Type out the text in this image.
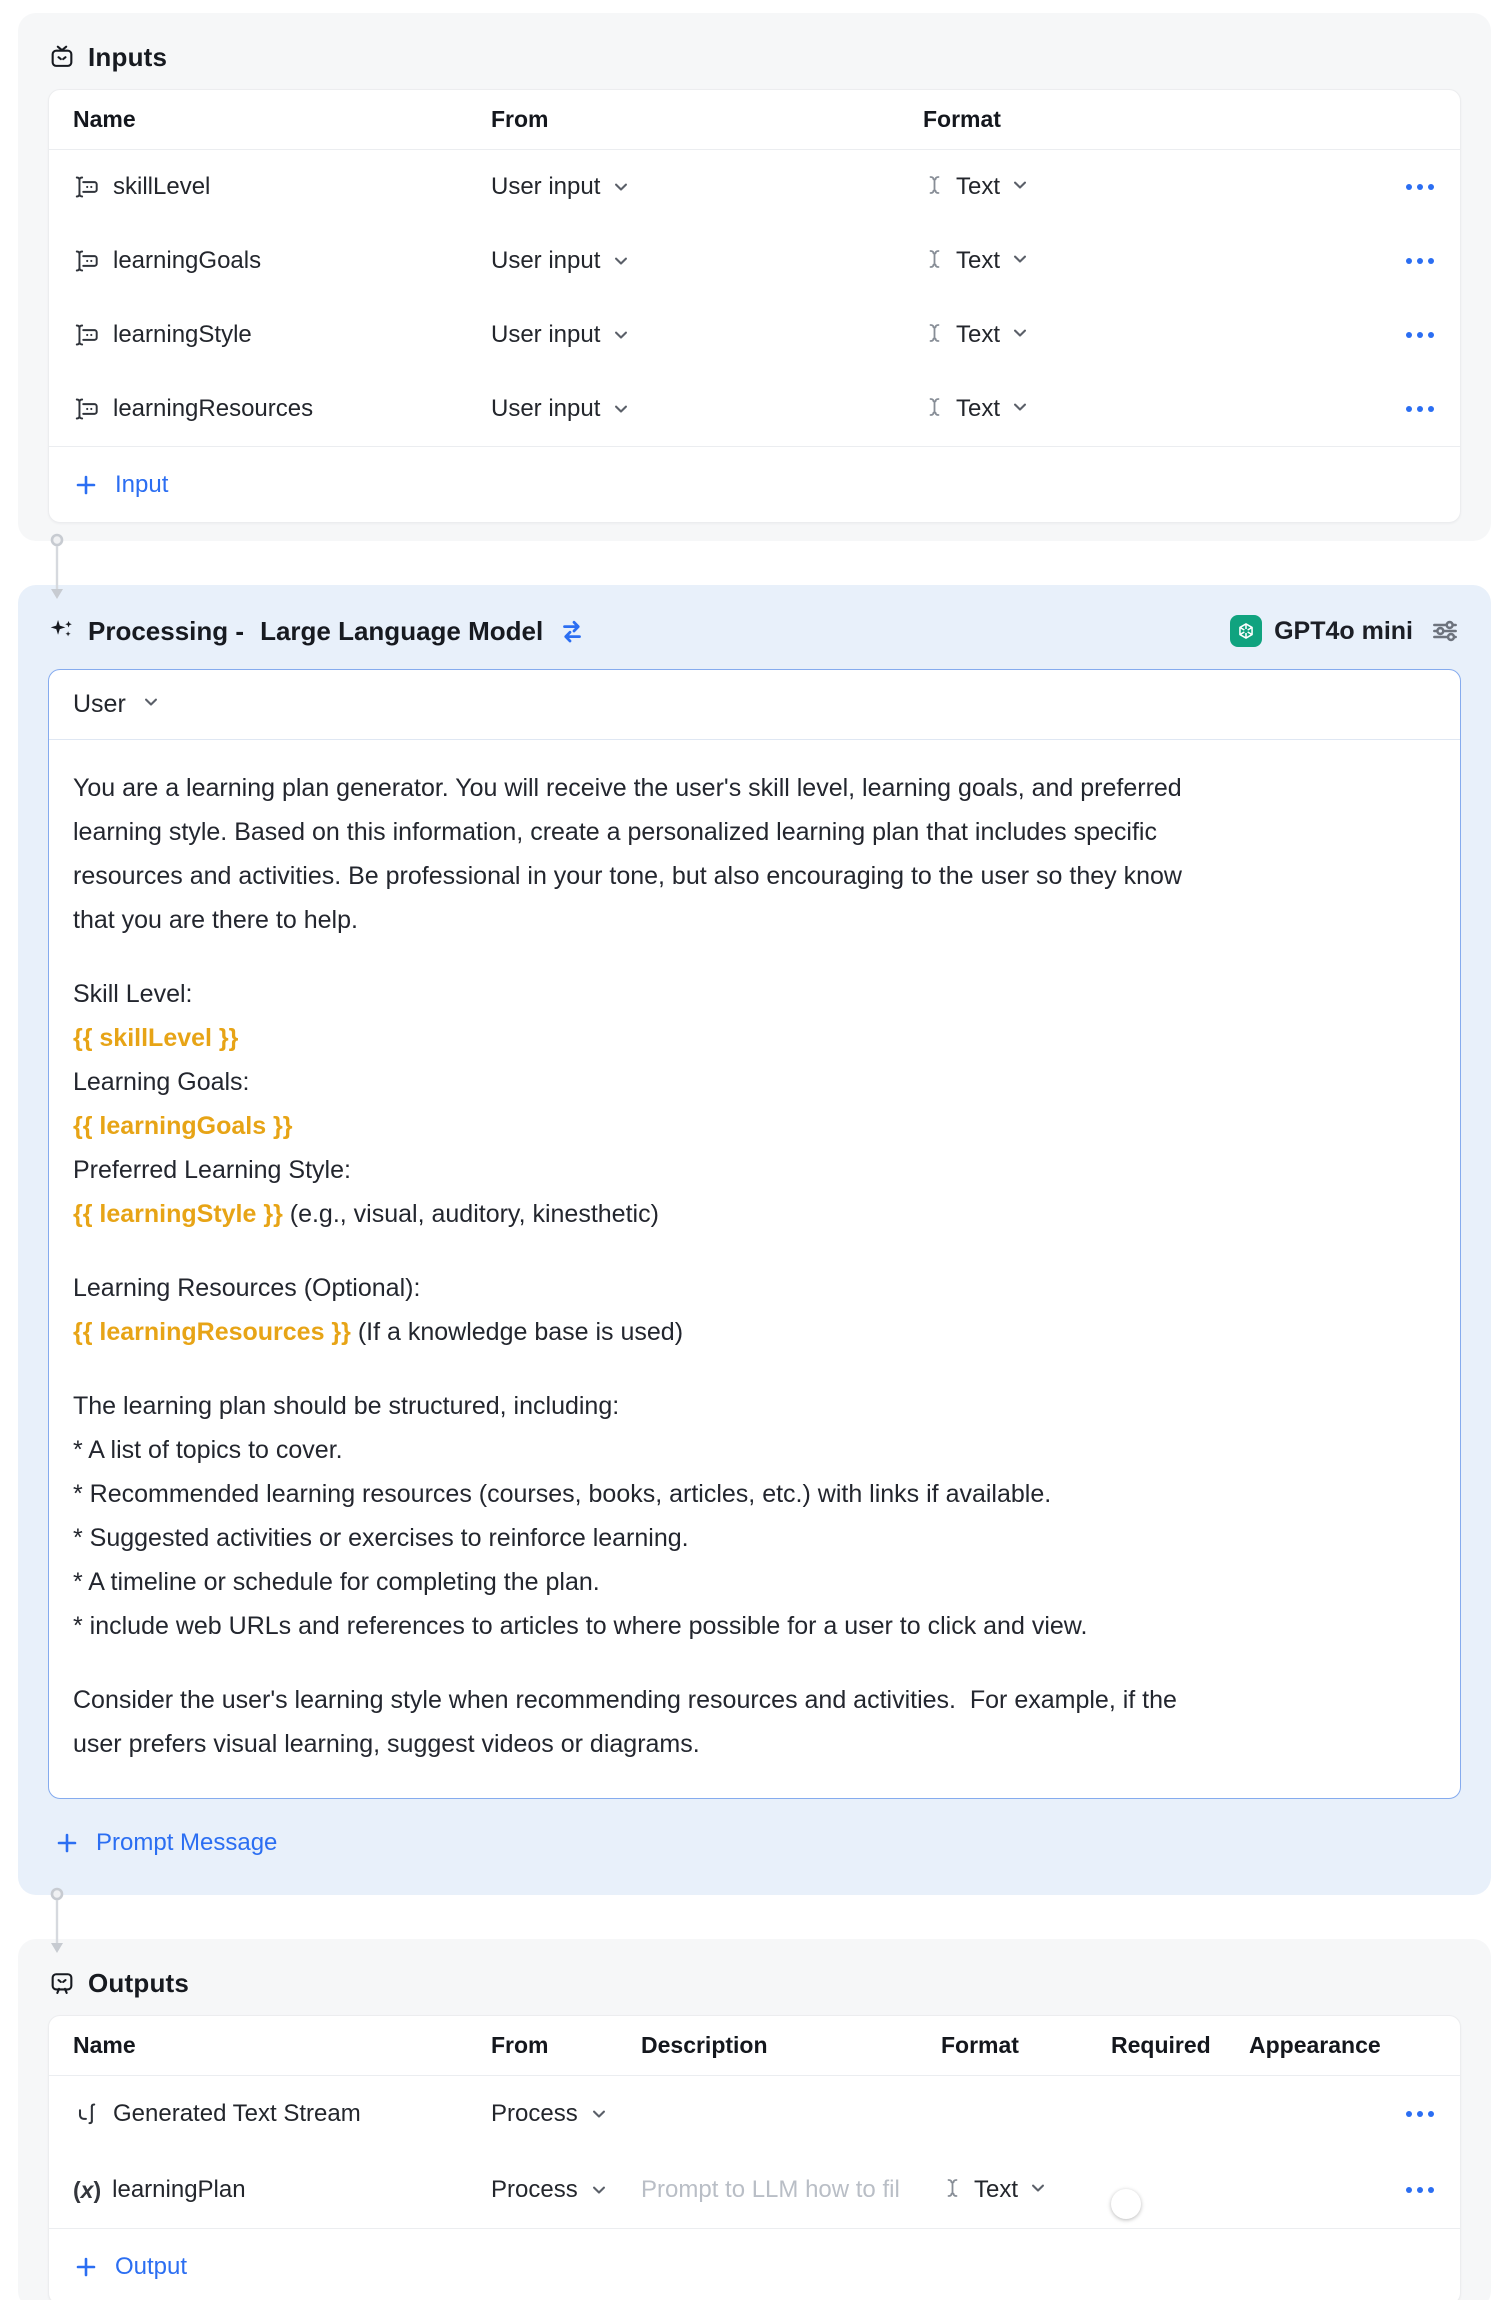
Inputs
Name	From	Format
skillLevel	User input	Text
learningGoals	User input	Text
learningStyle	User input	Text
learningResources	User input	Text
Input
Processing - Large Language Model	GPT4o mini
User
You are a learning plan generator. You will receive the user's skill level, learning goals, and preferred
learning style. Based on this information, create a personalized learning plan that includes specific
resources and activities. Be professional in your tone, but also encouraging to the user so they know
that you are there to help.
Skill Level:
{{ skillLevel }}
Learning Goals:
{{ learningGoals }}
Preferred Learning Style:
{{ learningStyle }} (e.g., visual, auditory, kinesthetic)
Learning Resources (Optional):
{{ learningResources }} (If a knowledge base is used)
The learning plan should be structured, including:
* A list of topics to cover.
* Recommended learning resources (courses, books, articles, etc.) with links if available.
* Suggested activities or exercises to reinforce learning.
* A timeline or schedule for completing the plan.
* include web URLs and references to articles to where possible for a user to click and view.
Consider the user's learning style when recommending resources and activities.  For example, if the
user prefers visual learning, suggest videos or diagrams.
Prompt Message
Outputs
Name	From	Description	Format	Required	Appearance
Generated Text Stream	Process
(x) learningPlan	Process	Prompt to LLM how to fil	Text
Output
